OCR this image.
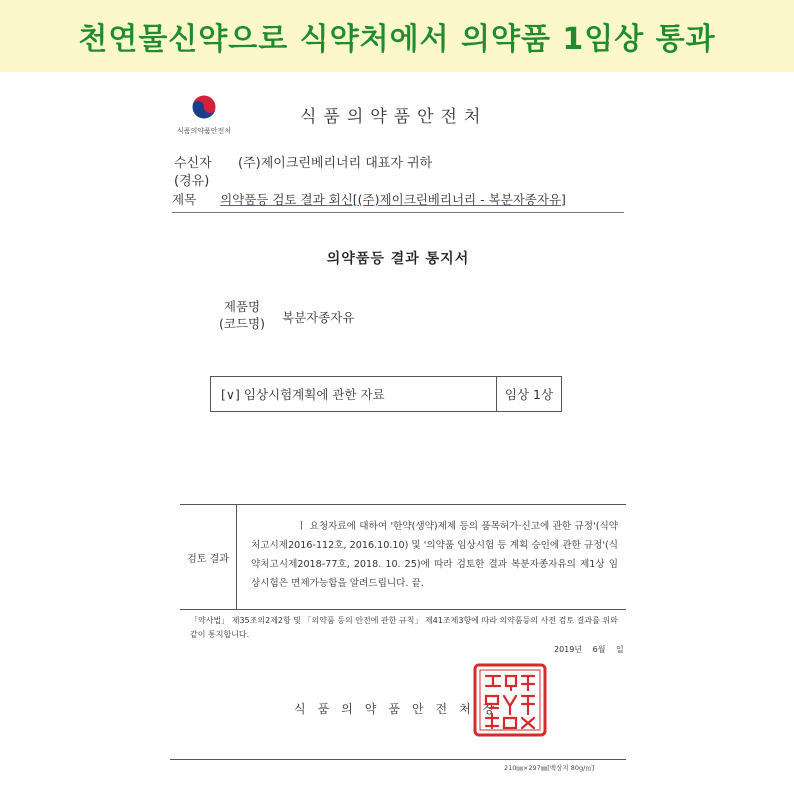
천연물신약으로 식약처에서 의약품 1임상 통과
식품의약품안전처
식품의약품안전처
수신자 (주)제이크린베리너리 대표자 귀하
(경유)
제목 의약품등 검토 결과 회신[(주)제이크린베리너리 - 복분자종자유]
의약품등 결과 통지서
제품명
(코드명)	복분자종자유
[∨] 임상시험계획에 관한 자료	임상 1상
검토 결과
ㅣ 요청자료에 대하여 '한약(생약)제제 등의 품목허가·신고에 관한 규정'(식약처고시제2016-112호, 2016.10.10) 및 '의약품 임상시험 등 계획 승인에 관한 규정'(식약처고시제2018-77호, 2018. 10. 25)에 따라 검토한 결과 복분자종자유의 제1상 임상시험은 면제가능함을 알려드립니다. 끝.
「약사법」 제35조의2제2항 및 「의약품 등의 안전에 관한 규칙」 제41조제3항에 따라 의약품등의 사전 검토 결과를 위와 같이 통지합니다.
2019년 6월 일
식품의약품안전처장
210㎜×297㎜[백상지 80g/㎡]
